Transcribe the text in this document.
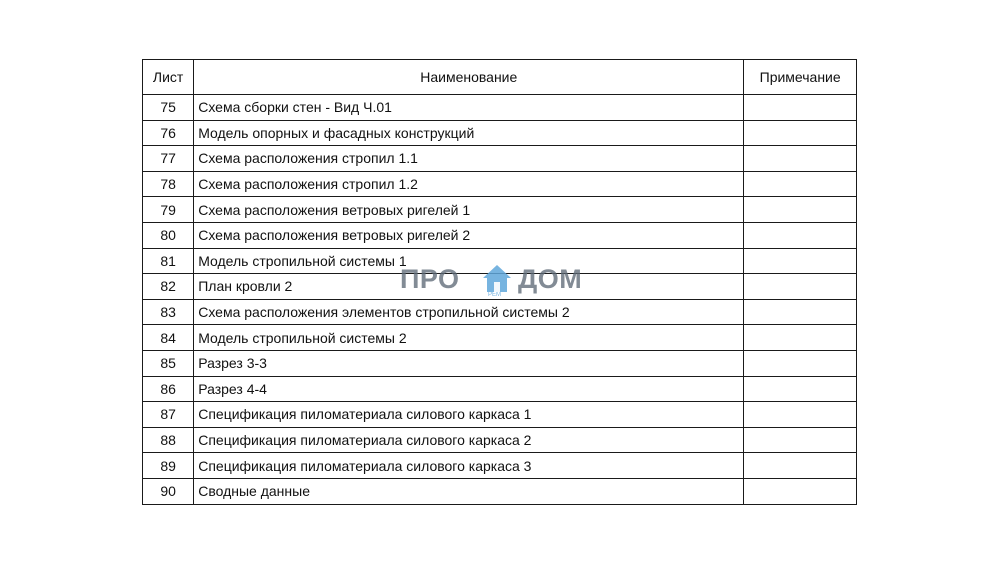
Лист	Наименование	Примечание
75	Схема сборки стен - Вид Ч.01	
76	Модель опорных и фасадных конструкций	
77	Схема расположения стропил 1.1	
78	Схема расположения стропил 1.2	
79	Схема расположения ветровых ригелей 1	
80	Схема расположения ветровых ригелей 2	
81	Модель стропильной системы 1	
82	План кровли 2	
83	Схема расположения элементов стропильной системы 2	
84	Модель стропильной системы 2	
85	Разрез 3-3	
86	Разрез 4-4	
87	Спецификация пиломатериала силового каркаса 1	
88	Спецификация пиломатериала силового каркаса 2	
89	Спецификация пиломатериала силового каркаса 3	
90	Сводные данные	
ПРО
РЕМ
ДОМ
